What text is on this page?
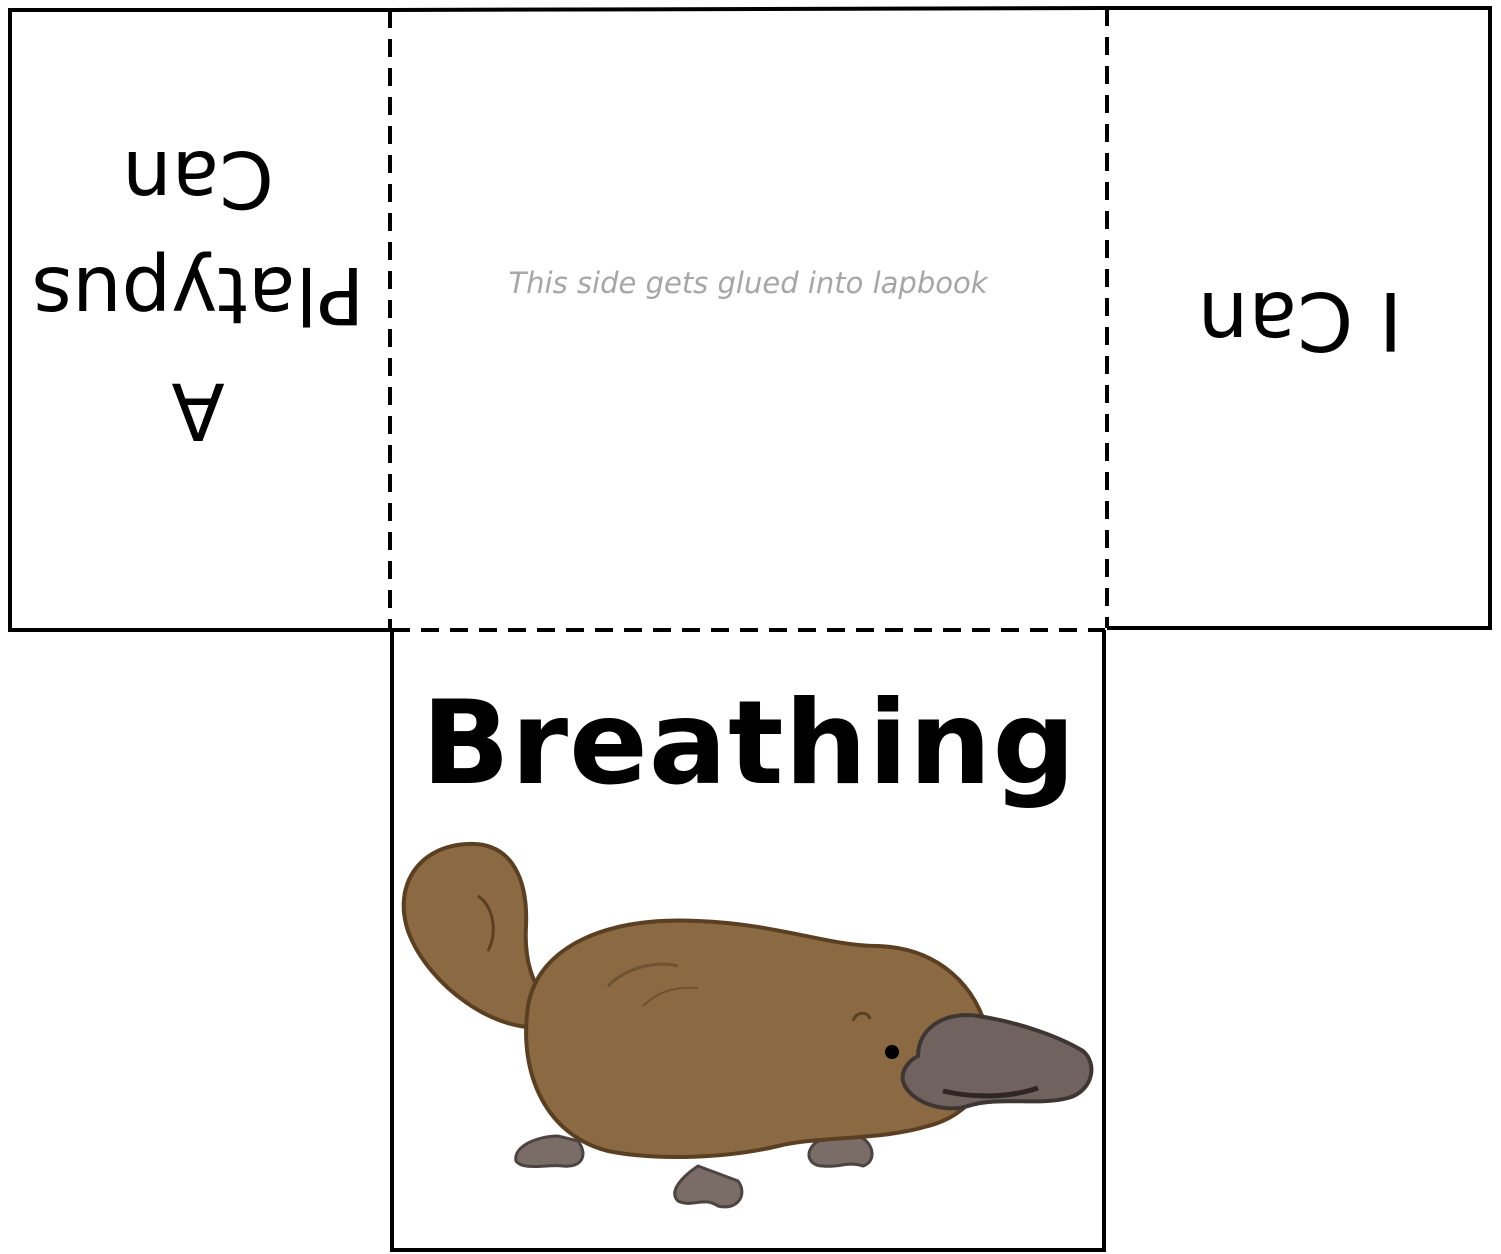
A
Platypus
Can
This side gets glued into lapbook	I Can
Breathing
